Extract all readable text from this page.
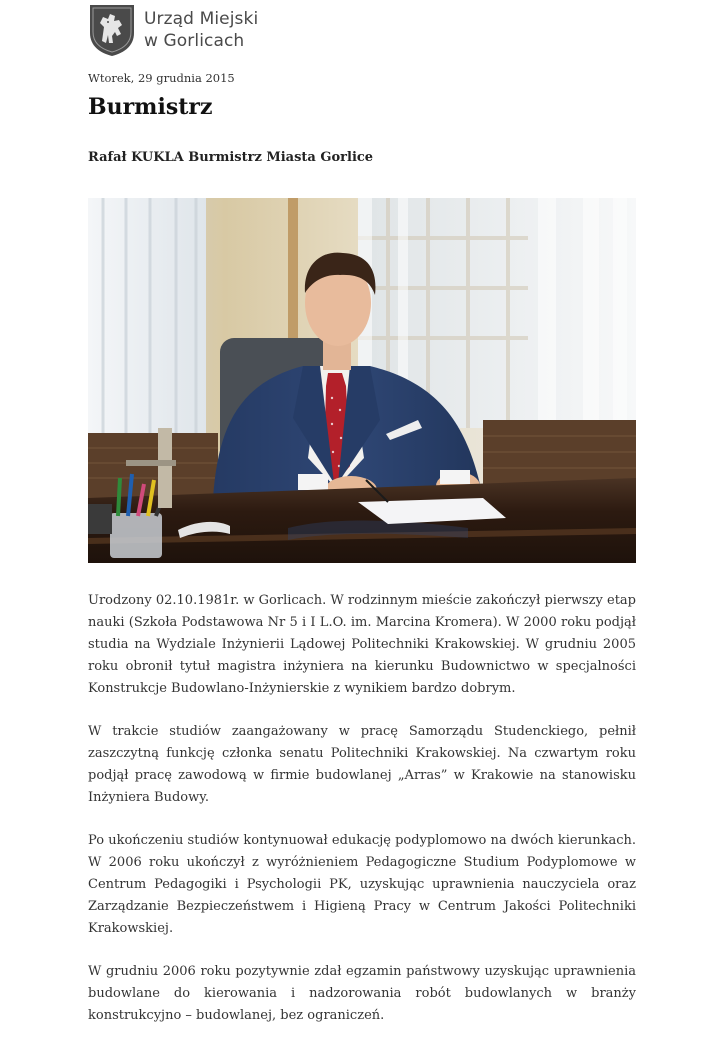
Urząd Miejski
w Gorlicach
Wtorek, 29 grudnia 2015
Burmistrz
Rafał KUKLA Burmistrz Miasta Gorlice

Urodzony 02.10.1981r. w Gorlicach. W rodzinnym mieście zakończył pierwszy etap nauki (Szkoła Podstawowa Nr 5 i I L.O. im. Marcina Kromera). W 2000 roku podjął studia na Wydziale Inżynierii Lądowej Politechniki Krakowskiej. W grudniu 2005 roku obronił tytuł magistra inżyniera na kierunku Budownictwo w specjalności Konstrukcje Budowlano-Inżynierskie z wynikiem bardzo dobrym.

W trakcie studiów zaangażowany w pracę Samorządu Studenckiego, pełnił zaszczytną funkcję członka senatu Politechniki Krakowskiej. Na czwartym roku podjął pracę zawodową w firmie budowlanej „Arras” w Krakowie na stanowisku Inżyniera Budowy.

Po ukończeniu studiów kontynuował edukację podyplomowo na dwóch kierunkach. W 2006 roku ukończył z wyróżnieniem Pedagogiczne Studium Podyplomowe w Centrum Pedagogiki i Psychologii PK, uzyskując uprawnienia nauczyciela oraz Zarządzanie Bezpieczeństwem i Higieną Pracy w Centrum Jakości Politechniki Krakowskiej.

W grudniu 2006 roku pozytywnie zdał egzamin państwowy uzyskując uprawnienia budowlane do kierowania i nadzorowania robót budowlanych w branży konstrukcyjno – budowlanej, bez ograniczeń.
